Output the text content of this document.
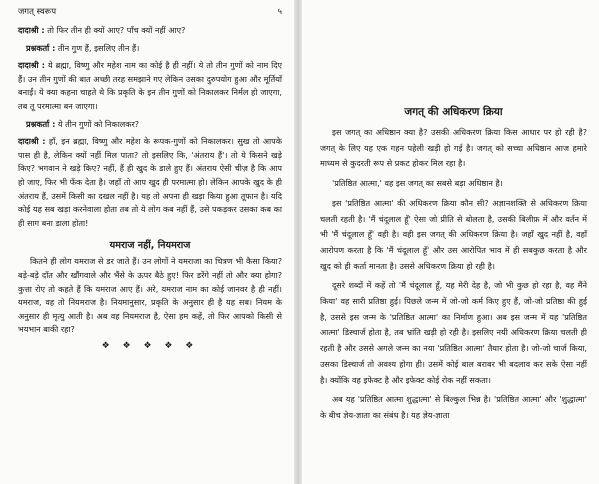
जगत् स्वरूप	५

दादाश्री : तो फिर तीन ही क्यों आए? पाँच क्यों नहीं आए?

प्रश्नकर्ता : तीन गुण हैं, इसलिए तीन हैं।

दादाश्री : ये ब्रह्मा, विष्णु और महेश नाम का कोई है ही नहीं। ये तो तीन गुणों को नाम दिए हैं। उन तीन गुणों की बात अच्छी तरह समझाने गए लेकिन उसका दुरुपयोग हुआ और मूर्तियाँ बनाईं। ये क्या कहना चाहते थे कि प्रकृति के इन तीन गुणों को निकालकर निर्मल हो जाएगा, तब तू परमात्मा बन जाएगा।

प्रश्नकर्ता : ये तीन गुणों को निकालकर?

दादाश्री : हाँ, इन ब्रह्मा, विष्णु और महेश के रूपक-गुणों को निकालकर। सुख तो आपके पास ही है, लेकिन क्यों नहीं मिल पाता? तो इसलिए कि, 'अंतराय हैं'। तो ये किसने खड़े किए? भगवान ने खड़े किए? नहीं, हैं ही खुद के डाले हुए हैं। अंतराय ऐसी चीज़ है कि आप हो जाए, फिर भी फँक देता है। जहाँ तो आप खुद ही परमात्मा हो। लेकिन आपके खुद के ही अंतराय हैं, उसमें किसी का दखल नहीं है। यह तो अपना ही खड़ा किया हुआ तूफान है। यदि कोई यह सब खड़ा करनेवाला होता तब तो ये लोग कब नहीं हैं, उसे पकड़कर उसका कब का ही साग बना डाला होता!

यमराज नहीं, नियमराज

कितने ही लोग यमराज से डर जाते हैं। उन लोगों ने यमराजा का चित्रण भी कैसा किया? बड़े-बड़े दाँत और खौंगवाले और भैंसे के ऊपर बैठे हुए! फिर डरेंगे नहीं तो और क्या होगा? कुत्ता रोए तो कहते हैं कि यमराज आए हैं। अरे, यमराज नाम का कोई जानवर है ही नहीं। यमराज, वह तो नियमराज है। नियमानुसार, प्रकृति के अनुसार ही है यह सब। नियम के अनुसार ही मृत्यु आती है। अब वह नियमराज है, ऐसा हम कहें, तो फिर आपको किसी से भयभान बाकी रहा?

❖ ❖ ❖ ❖ ❖
जगत् की अधिकरण क्रिया

इस जगत् का अधिष्ठान क्या है? उसकी अधिकरण क्रिया किस आधार पर हो रही है? जगत् के लिए यह एक गहन पहेली खड़ी हो गई है। जगत् को सच्चा अधिष्ठान आज हमारे माध्यम से कुदरती रूप से प्रकट होकर मिल रहा है।

'प्रतिष्ठित आत्मा,' वह इस जगत् का सबसे बड़ा अधिष्ठान है।

इस 'प्रतिष्ठित आत्मा' की अधिकरण क्रिया कौन सी? अज्ञानशक्ति से अधिकरण क्रिया चलती रहती है। 'मैं चंदूलाल हूँ' ऐसा जो प्रीति से बोलता है, उसकी बिलीफ़ में और वर्तन में भी 'मैं चंदूलाल हूँ' वही है। वही इस जगत् की अधिकरण क्रिया है। जहाँ खुद नहीं है, वहाँ आरोपण करता है कि 'मैं चंदूलाल हूँ' और उस आरोपित भाव में ही सबकुछ करता है और खुद को ही कर्ता मानता है। उससे अधिकरण क्रिया हो रही है।

दूसरे शब्दों में कहें तो 'मैं चंदूलाल हूँ, यह मेरी देह है, जो भी कुछ हो रहा है, वह मैंने किया' वह सारी प्रतिष्ठा हुई। पिछले जन्म में जो-जो कर्म किए हुए हैं, जो-जो प्रतिष्ठा की हुई है, उससे इस जन्म के 'प्रतिष्ठित आत्मा' का निर्माण हुआ। अब इस जन्म में यह 'प्रतिष्ठित आत्मा' डिस्चार्ज होता है, तब भ्रांति खड़ी हो रही है। इसलिए नयी अधिकरण क्रिया चलती ही रहती है और उससे अगले जन्म का नया 'प्रतिष्ठित आत्मा' तैयार होता है। जो-जो चार्ज किया, उसका डिस्चार्ज तो अवश्य होगा ही। उसमें कोई बाल बराबर भी बदलाव कर सके ऐसा नहीं है। क्योंकि वह इफेक्ट है और इफेक्ट कोई रोक नहीं सकता।

अब यह 'प्रतिष्ठित आत्मा शुद्धात्मा' से बिल्कुल भिन्न है। 'प्रतिष्ठित आत्मा' और 'शुद्धात्मा' के बीच ज्ञेय-ज्ञाता का संबंध है। यह ज्ञेय-ज्ञाता
